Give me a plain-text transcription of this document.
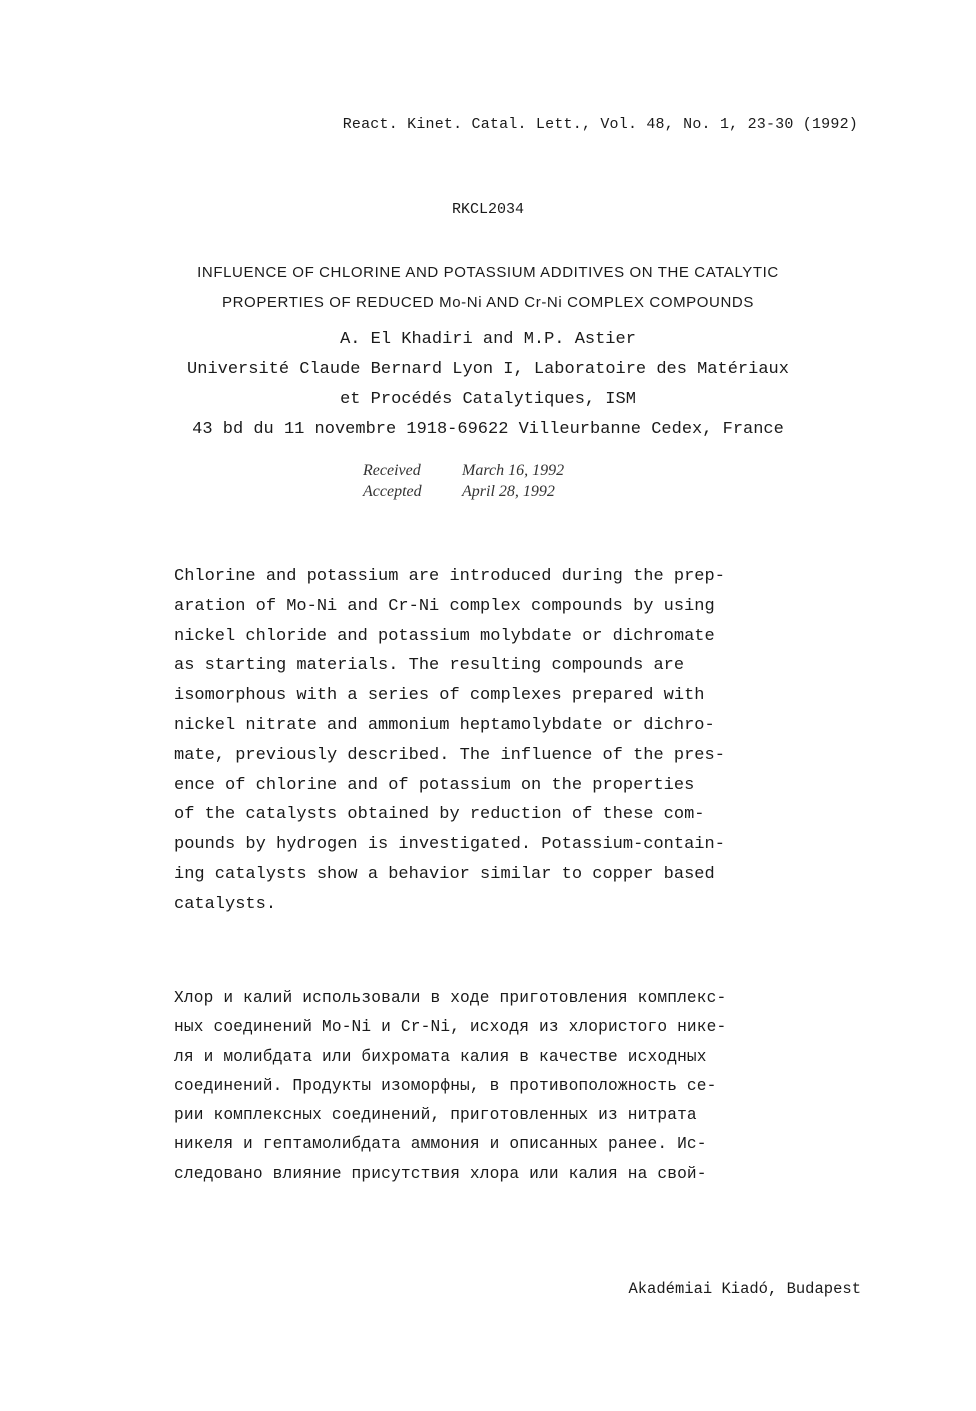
React. Kinet. Catal. Lett., Vol. 48, No. 1, 23-30 (1992)
RKCL2034
INFLUENCE OF CHLORINE AND POTASSIUM ADDITIVES ON THE CATALYTIC
PROPERTIES OF REDUCED Mo-Ni AND Cr-Ni COMPLEX COMPOUNDS
A. El Khadiri and M.P. Astier
Université Claude Bernard Lyon I, Laboratoire des Matériaux
et Procédés Catalytiques, ISM
43 bd du 11 novembre 1918-69622 Villeurbanne Cedex, France
Received	March 16, 1992
Accepted	April 28, 1992
Chlorine and potassium are introduced during the prep-
aration of Mo-Ni and Cr-Ni complex compounds by using
nickel chloride and potassium molybdate or dichromate
as starting materials. The resulting compounds are
isomorphous with a series of complexes prepared with
nickel nitrate and ammonium heptamolybdate or dichro-
mate, previously described. The influence of the pres-
ence of chlorine and of potassium on the properties
of the catalysts obtained by reduction of these com-
pounds by hydrogen is investigated. Potassium-contain-
ing catalysts show a behavior similar to copper based
catalysts.
Хлор и калий использовали в ходе приготовления комплекс-
ных соединений Mo-Ni и Cr-Ni, исходя из хлористого нике-
ля и молибдата или бихромата калия в качестве исходных
соединений. Продукты изоморфны, в противоположность се-
рии комплексных соединений, приготовленных из нитрата
никеля и гептамолибдата аммония и описанных ранее. Ис-
следовано влияние присутствия хлора или калия на свой-
Akadémiai Kiadó, Budapest
